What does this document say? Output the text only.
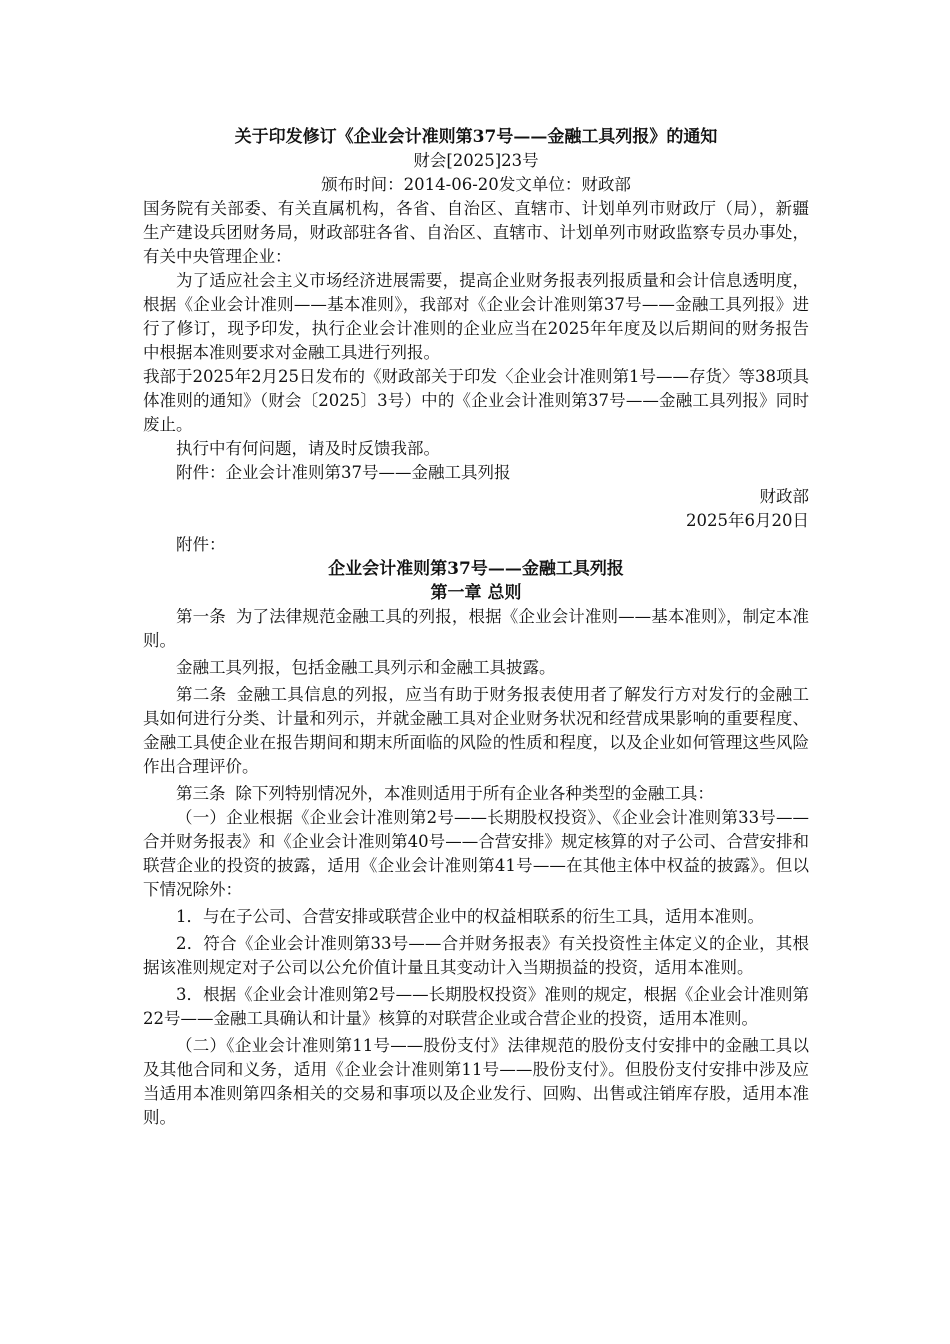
关于印发修订《企业会计准则第37号——金融工具列报》的通知
财会[2025]23号
颁布时间：2014-06-20发文单位：财政部

国务院有关部委、有关直属机构，各省、自治区、直辖市、计划单列市财政厅（局），新疆生产建设兵团财务局，财政部驻各省、自治区、直辖市、计划单列市财政监察专员办事处，有关中央管理企业：

为了适应社会主义市场经济进展需要，提高企业财务报表列报质量和会计信息透明度，根据《企业会计准则——基本准则》，我部对《企业会计准则第37号——金融工具列报》进行了修订，现予印发，执行企业会计准则的企业应当在2025年年度及以后期间的财务报告中根据本准则要求对金融工具进行列报。

我部于2025年2月25日发布的《财政部关于印发〈企业会计准则第1号——存货〉等38项具体准则的通知》（财会〔2025〕3号）中的《企业会计准则第37号——金融工具列报》同时废止。

执行中有何问题，请及时反馈我部。

附件：企业会计准则第37号——金融工具列报

财政部
2025年6月20日

附件：

企业会计准则第37号——金融工具列报
第一章 总则

第一条 为了法律规范金融工具的列报，根据《企业会计准则——基本准则》，制定本准则。

金融工具列报，包括金融工具列示和金融工具披露。

第二条 金融工具信息的列报，应当有助于财务报表使用者了解发行方对发行的金融工具如何进行分类、计量和列示，并就金融工具对企业财务状况和经营成果影响的重要程度、金融工具使企业在报告期间和期末所面临的风险的性质和程度，以及企业如何管理这些风险作出合理评价。

第三条 除下列特别情况外，本准则适用于所有企业各种类型的金融工具：

（一）企业根据《企业会计准则第2号——长期股权投资》、《企业会计准则第33号——合并财务报表》和《企业会计准则第40号——合营安排》规定核算的对子公司、合营安排和联营企业的投资的披露，适用《企业会计准则第41号——在其他主体中权益的披露》。但以下情况除外：

1．与在子公司、合营安排或联营企业中的权益相联系的衍生工具，适用本准则。

2．符合《企业会计准则第33号——合并财务报表》有关投资性主体定义的企业，其根据该准则规定对子公司以公允价值计量且其变动计入当期损益的投资，适用本准则。

3．根据《企业会计准则第2号——长期股权投资》准则的规定，根据《企业会计准则第22号——金融工具确认和计量》核算的对联营企业或合营企业的投资，适用本准则。

（二）《企业会计准则第11号——股份支付》法律规范的股份支付安排中的金融工具以及其他合同和义务，适用《企业会计准则第11号——股份支付》。但股份支付安排中涉及应当适用本准则第四条相关的交易和事项以及企业发行、回购、出售或注销库存股，适用本准则。
